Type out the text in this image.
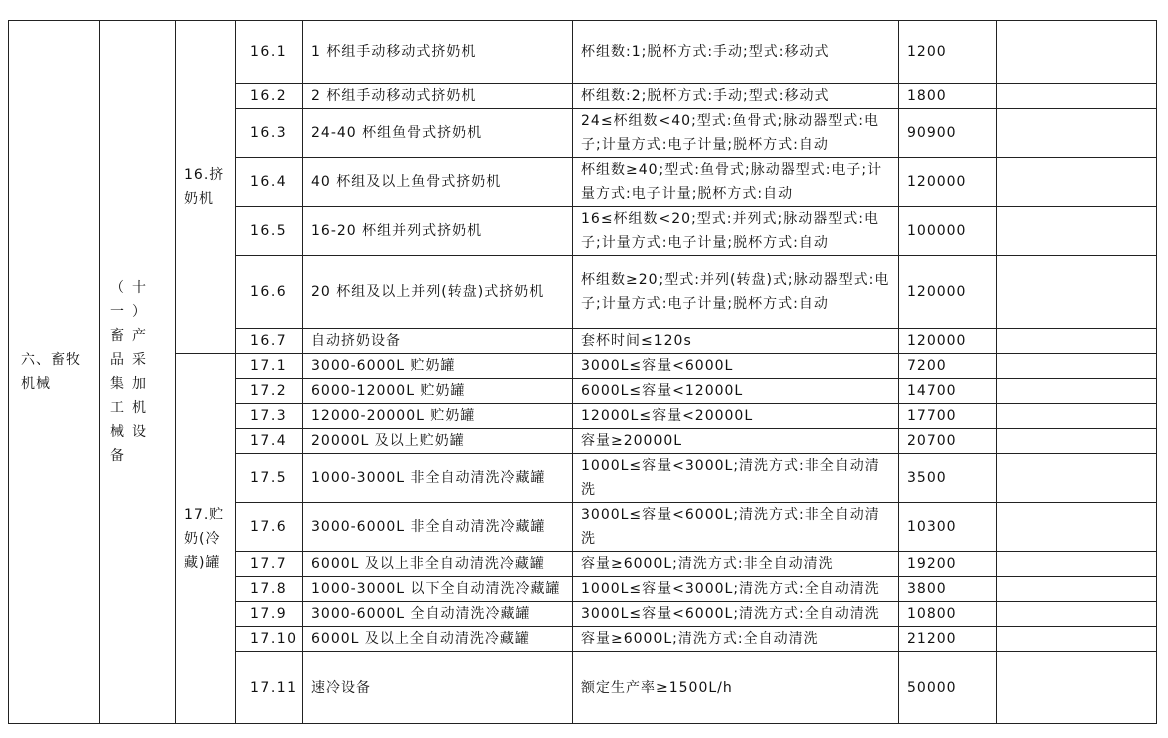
六、畜牧机械	（十一）畜产品采集加工机械设备	16.挤奶机	16.1	1 杯组手动移动式挤奶机	杯组数:1;脱杯方式:手动;型式:移动式	1200	
			16.2	2 杯组手动移动式挤奶机	杯组数:2;脱杯方式:手动;型式:移动式	1800	
			16.3	24-40 杯组鱼骨式挤奶机	24≤杯组数<40;型式:鱼骨式;脉动器型式:电子;计量方式:电子计量;脱杯方式:自动	90900	
			16.4	40 杯组及以上鱼骨式挤奶机	杯组数≥40;型式:鱼骨式;脉动器型式:电子;计量方式:电子计量;脱杯方式:自动	120000	
			16.5	16-20 杯组并列式挤奶机	16≤杯组数<20;型式:并列式;脉动器型式:电子;计量方式:电子计量;脱杯方式:自动	100000	
			16.6	20 杯组及以上并列(转盘)式挤奶机	杯组数≥20;型式:并列(转盘)式;脉动器型式:电子;计量方式:电子计量;脱杯方式:自动	120000	
			16.7	自动挤奶设备	套杯时间≤120s	120000	
		17.贮奶(冷藏)罐	17.1	3000-6000L 贮奶罐	3000L≤容量<6000L	7200	
			17.2	6000-12000L 贮奶罐	6000L≤容量<12000L	14700	
			17.3	12000-20000L 贮奶罐	12000L≤容量<20000L	17700	
			17.4	20000L 及以上贮奶罐	容量≥20000L	20700	
			17.5	1000-3000L 非全自动清洗冷藏罐	1000L≤容量<3000L;清洗方式:非全自动清洗	3500	
			17.6	3000-6000L 非全自动清洗冷藏罐	3000L≤容量<6000L;清洗方式:非全自动清洗	10300	
			17.7	6000L 及以上非全自动清洗冷藏罐	容量≥6000L;清洗方式:非全自动清洗	19200	
			17.8	1000-3000L 以下全自动清洗冷藏罐	1000L≤容量<3000L;清洗方式:全自动清洗	3800	
			17.9	3000-6000L 全自动清洗冷藏罐	3000L≤容量<6000L;清洗方式:全自动清洗	10800	
			17.10	6000L 及以上全自动清洗冷藏罐	容量≥6000L;清洗方式:全自动清洗	21200	
			17.11	速冷设备	额定生产率≥1500L/h	50000	
